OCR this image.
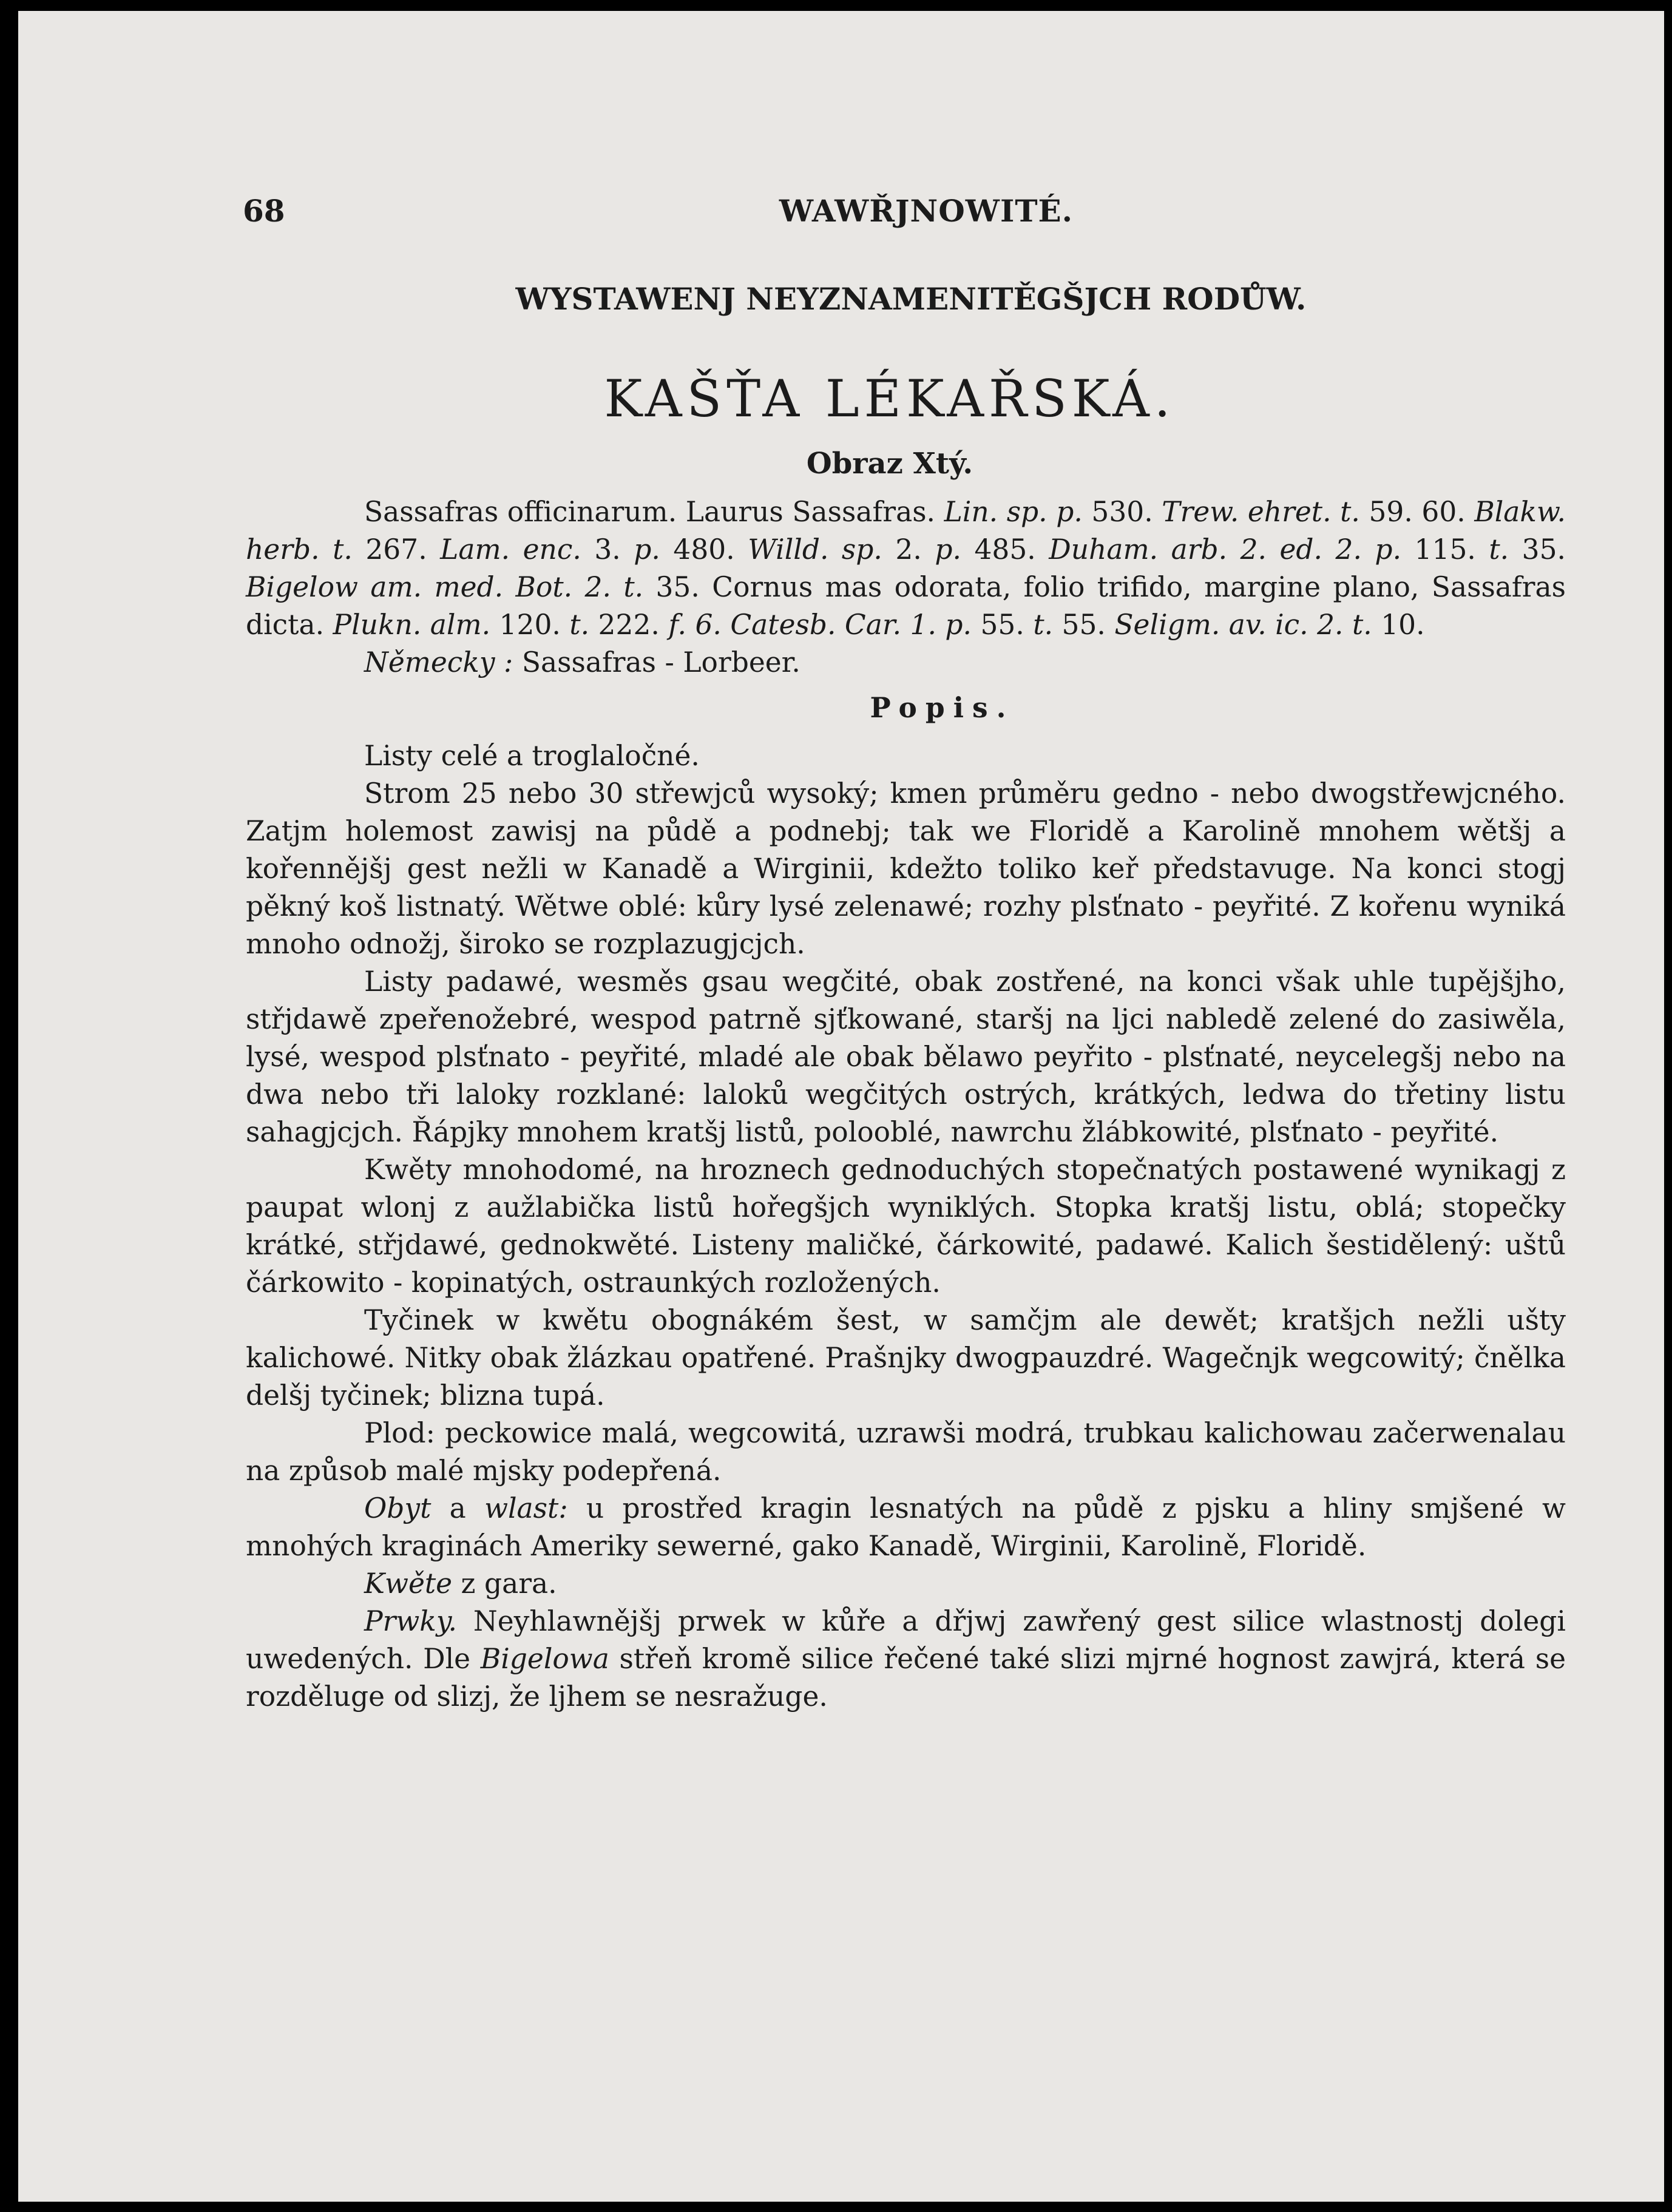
68	WAWŘJNOWITÉ.
WYSTAWENJ NEYZNAMENITĚGŠJCH RODŮW.
KAŠŤA LÉKAŘSKÁ.
Obraz Xtý.

Sassafras officinarum. Laurus Sassafras. Lin. sp. p. 530. Trew. ehret. t. 59. 60. Blakw. herb. t. 267. Lam. enc. 3. p. 480. Willd. sp. 2. p. 485. Duham. arb. 2. ed. 2. p. 115. t. 35. Bigelow am. med. Bot. 2. t. 35. Cornus mas odorata, folio trifido, margine plano, Sassafras dicta. Plukn. alm. 120. t. 222. f. 6. Catesb. Car. 1. p. 55. t. 55. Seligm. av. ic. 2. t. 10.

Německy : Sassafras - Lorbeer.

Popis.

Listy celé a troglaločné.

Strom 25 nebo 30 střewjců wysoký; kmen průměru gedno - nebo dwogstřewjcného. Zatjm holemost zawisj na půdě a podnebj; tak we Floridě a Karolině mnohem wětšj a kořennějšj gest nežli w Kanadě a Wirginii, kdežto toliko keř představuge. Na konci stogj pěkný koš listnatý. Wětwe oblé: kůry lysé zelenawé; rozhy plsťnato - peyřité. Z kořenu wyniká mnoho odnožj, široko se rozplazugjcjch.

Listy padawé, wesměs gsau wegčité, obak zostřené, na konci však uhle tupějšjho, střjdawě zpeřenožebré, wespod patrně sjťkowané, staršj na ljci nabledě zelené do zasiwěla, lysé, wespod plsťnato - peyřité, mladé ale obak bělawo peyřito - plsťnaté, neycelegšj nebo na dwa nebo tři laloky rozklané: laloků wegčitých ostrých, krátkých, ledwa do třetiny listu sahagjcjch. Řápjky mnohem kratšj listů, polooblé, nawrchu žlábkowité, plsťnato - peyřité.

Kwěty mnohodomé, na hroznech gednoduchých stopečnatých postawené wynikagj z paupat wlonj z aužlabička listů hořegšjch wyniklých. Stopka kratšj listu, oblá; stopečky krátké, střjdawé, gednokwěté. Listeny maličké, čárkowité, padawé. Kalich šestidělený: uštů čárkowito - kopinatých, ostraunkých rozložených.

Tyčinek w kwětu obognákém šest, w samčjm ale dewět; kratšjch nežli ušty kalichowé. Nitky obak žlázkau opatřené. Prašnjky dwogpauzdré. Wagečnjk wegcowitý; čnělka delšj tyčinek; blizna tupá.

Plod: peckowice malá, wegcowitá, uzrawši modrá, trubkau kalichowau začerwenalau na způsob malé mjsky podepřená.

Obyt a wlast: u prostřed kragin lesnatých na půdě z pjsku a hliny smjšené w mnohých kraginách Ameriky sewerné, gako Kanadě, Wirginii, Karolině, Floridě.

Kwěte z gara.

Prwky. Neyhlawnějšj prwek w kůře a dřjwj zawřený gest silice wlastnostj dolegi uwedených. Dle Bigelowa střeň kromě silice řečené také slizi mjrné hognost zawjrá, která se rozděluge od slizj, že ljhem se nesražuge.
